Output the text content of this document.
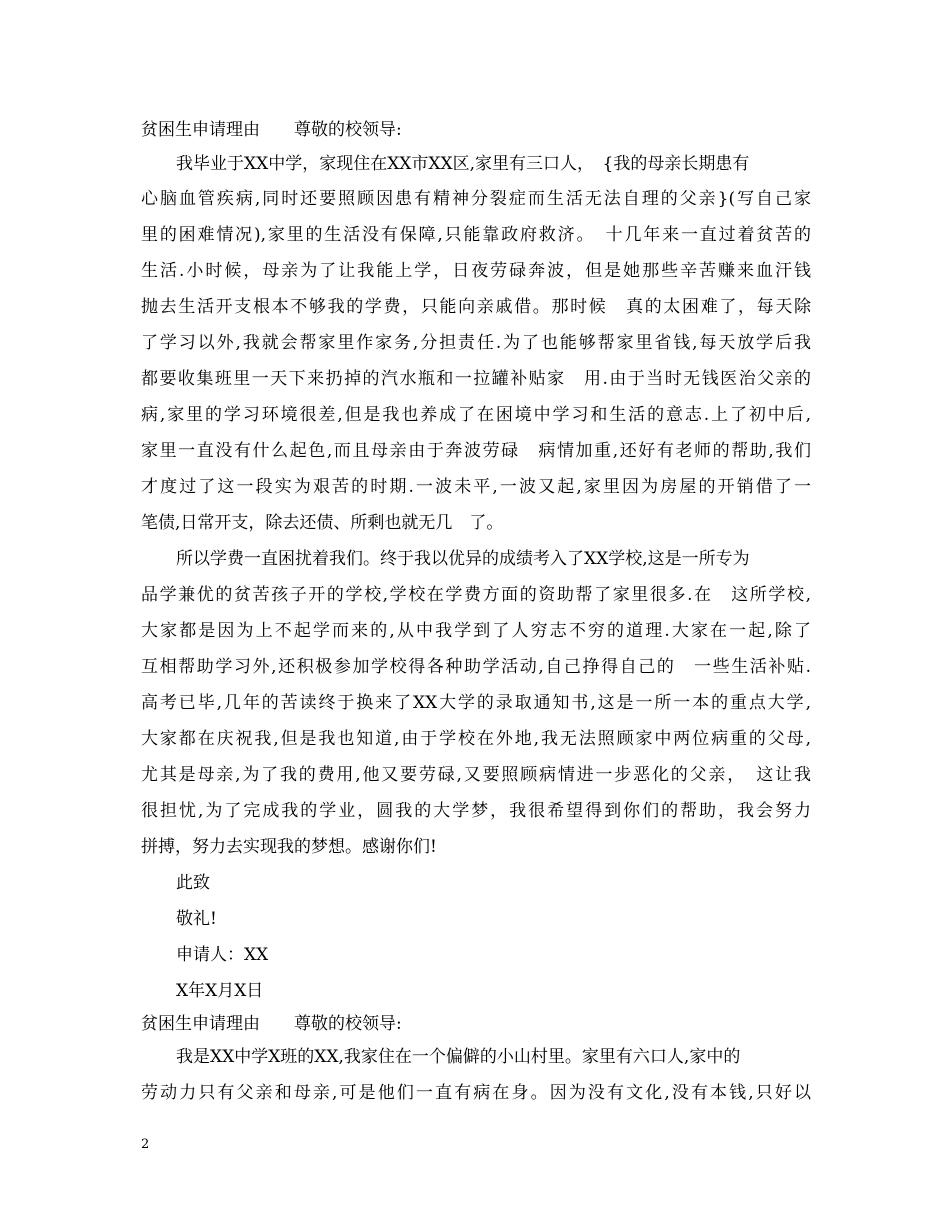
贫困生申请理由　　尊敬的校领导:
我毕业于XX中学，家现住在XX市XX区,家里有三口人，　{我的母亲长期患有
心脑血管疾病,同时还要照顾因患有精神分裂症而生活无法自理的父亲}(写自己家
里的困难情况),家里的生活没有保障,只能靠政府救济。　十几年来一直过着贫苦的
生活.小时候，母亲为了让我能上学，日夜劳碌奔波，但是她那些辛苦赚来血汗钱
抛去生活开支根本不够我的学费，只能向亲戚借。那时候　真的太困难了，每天除
了学习以外,我就会帮家里作家务,分担责任.为了也能够帮家里省钱,每天放学后我
都要收集班里一天下来扔掉的汽水瓶和一拉罐补贴家　用.由于当时无钱医治父亲的
病,家里的学习环境很差,但是我也养成了在困境中学习和生活的意志.上了初中后,
家里一直没有什么起色,而且母亲由于奔波劳碌　病情加重,还好有老师的帮助,我们
才度过了这一段实为艰苦的时期.一波未平,一波又起,家里因为房屋的开销借了一
笔债,日常开支，除去还债、所剩也就无几　了。
所以学费一直困扰着我们。终于我以优异的成绩考入了XX学校,这是一所专为
品学兼优的贫苦孩子开的学校,学校在学费方面的资助帮了家里很多.在　这所学校,
大家都是因为上不起学而来的,从中我学到了人穷志不穷的道理.大家在一起,除了
互相帮助学习外,还积极参加学校得各种助学活动,自己挣得自己的　一些生活补贴.
高考已毕,几年的苦读终于换来了XX大学的录取通知书,这是一所一本的重点大学,
大家都在庆祝我,但是我也知道,由于学校在外地,我无法照顾家中两位病重的父母,
尤其是母亲,为了我的费用,他又要劳碌,又要照顾病情进一步恶化的父亲，　这让我
很担忧,为了完成我的学业，圆我的大学梦，我很希望得到你们的帮助，我会努力
拼搏，努力去实现我的梦想。感谢你们!
此致
敬礼!
申请人：XX
X年X月X日
贫困生申请理由　　尊敬的校领导:
我是XX中学X班的XX,我家住在一个偏僻的小山村里。家里有六口人,家中的
劳动力只有父亲和母亲,可是他们一直有病在身。因为没有文化,没有本钱,只好以
2
